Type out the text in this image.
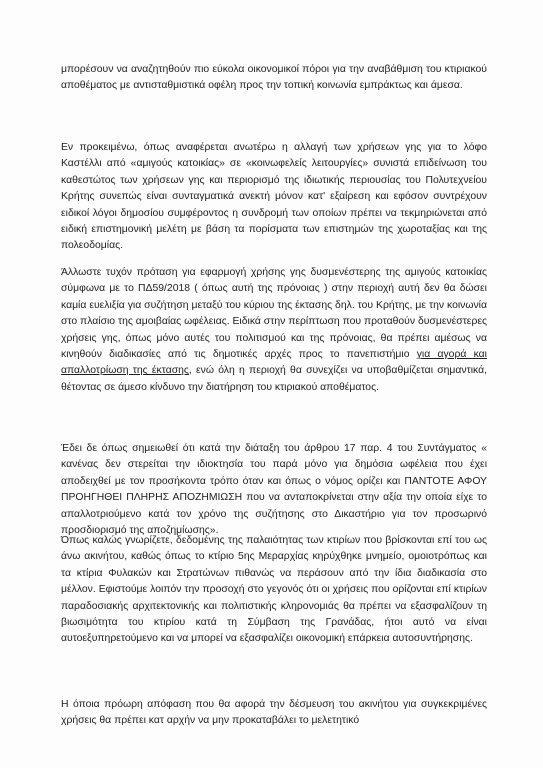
μπορέσουν να αναζητηθούν πιο εύκολα οικονομικοί πόροι για την αναβάθμιση του κτιριακού αποθέματος με αντισταθμιστικά οφέλη προς την τοπική κοινωνία εμπράκτως και άμεσα.

Εν προκειμένω, όπως αναφέρεται ανωτέρω η αλλαγή των χρήσεων γης για το λόφο Καστέλλι από «αμιγούς κατοικίας» σε «κοινωφελείς λειτουργίες» συνιστά επιδείνωση του καθεστώτος των χρήσεων γης και περιορισμό της ιδιωτικής περιουσίας του Πολυτεχνείου Κρήτης συνεπώς είναι συνταγματικά ανεκτή μόνον κατ' εξαίρεση και εφόσον συντρέχουν ειδικοί λόγοι δημοσίου συμφέροντος η συνδρομή των οποίων πρέπει να τεκμηριώνεται από ειδική επιστημονική μελέτη με βάση τα πορίσματα των επιστημών της χωροταξίας και της πολεοδομίας.

Άλλωστε τυχόν πρόταση για εφαρμογή χρήσης γης δυσμενέστερης της αμιγούς κατοικίας σύμφωνα με το ΠΔ59/2018 ( όπως αυτή της πρόνοιας ) στην περιοχή αυτή δεν θα δώσει καμία ευελιξία για συζήτηση μεταξύ του κύριου της έκτασης δηλ. του Κρήτης, με την κοινωνία στο πλαίσιο της αμοιβαίας ωφέλειας. Ειδικά στην περίπτωση που προταθούν δυσμενέστερες χρήσεις γης, όπως μόνο αυτές του πολιτισμού και της πρόνοιας, θα πρέπει αμέσως να κινηθούν διαδικασίες από τις δημοτικές αρχές προς το πανεπιστήμιο για αγορά και απαλλοτρίωση της έκτασης, ενώ όλη η περιοχή θα συνεχίζει να υποβαθμίζεται σημαντικά, θέτοντας σε άμεσο κίνδυνο την διατήρηση του κτιριακού αποθέματος.

Έδει δε όπως σημειωθεί ότι κατά την διάταξη του άρθρου 17 παρ. 4 του Συντάγματος « κανένας δεν στερείται την ιδιοκτησία του παρά μόνο για δημόσια ωφέλεια που έχει αποδειχθεί με τον προσήκοντα τρόπο όταν και όπως ο νόμος ορίζει και ΠΑΝΤΟΤΕ ΑΦΟΥ ΠΡΟΗΓΗΘΕΙ ΠΛΗΡΗΣ ΑΠΟΖΗΜΙΩΣΗ που να ανταποκρίνεται στην αξία την οποία είχε το απαλλοτριούμενο κατά τον χρόνο της συζήτησης στο Δικαστήριο για τον προσωρινό προσδιορισμό της αποζημίωσης».

Όπως καλώς γνωρίζετε, δεδομένης της παλαιότητας των κτιρίων που βρίσκονται επί του ως άνω ακινήτου, καθώς όπως το κτίριο 5ης Μεραρχίας κηρύχθηκε μνημείο, ομοιοτρόπως και τα κτίρια Φυλακών και Στρατώνων πιθανώς να περάσουν από την ίδια διαδικασία στο μέλλον. Εφιστούμε λοιπόν την προσοχή στο γεγονός ότι οι χρήσεις που ορίζονται επί κτιρίων παραδοσιακής αρχιτεκτονικής και πολιτιστικής κληρονομιάς θα πρέπει να εξασφαλίζουν τη βιωσιμότητα του κτιρίου κατά τη Σύμβαση της Γρανάδας, ήτοι αυτό να είναι αυτοεξυπηρετούμενο και να μπορεί να εξασφαλίζει οικονομική επάρκεια αυτοσυντήρησης.

Η όποια πρόωρη απόφαση που θα αφορά την δέσμευση του ακινήτου για συγκεκριμένες χρήσεις θα πρέπει κατ αρχήν να μην προκαταβάλει το μελετητικό
